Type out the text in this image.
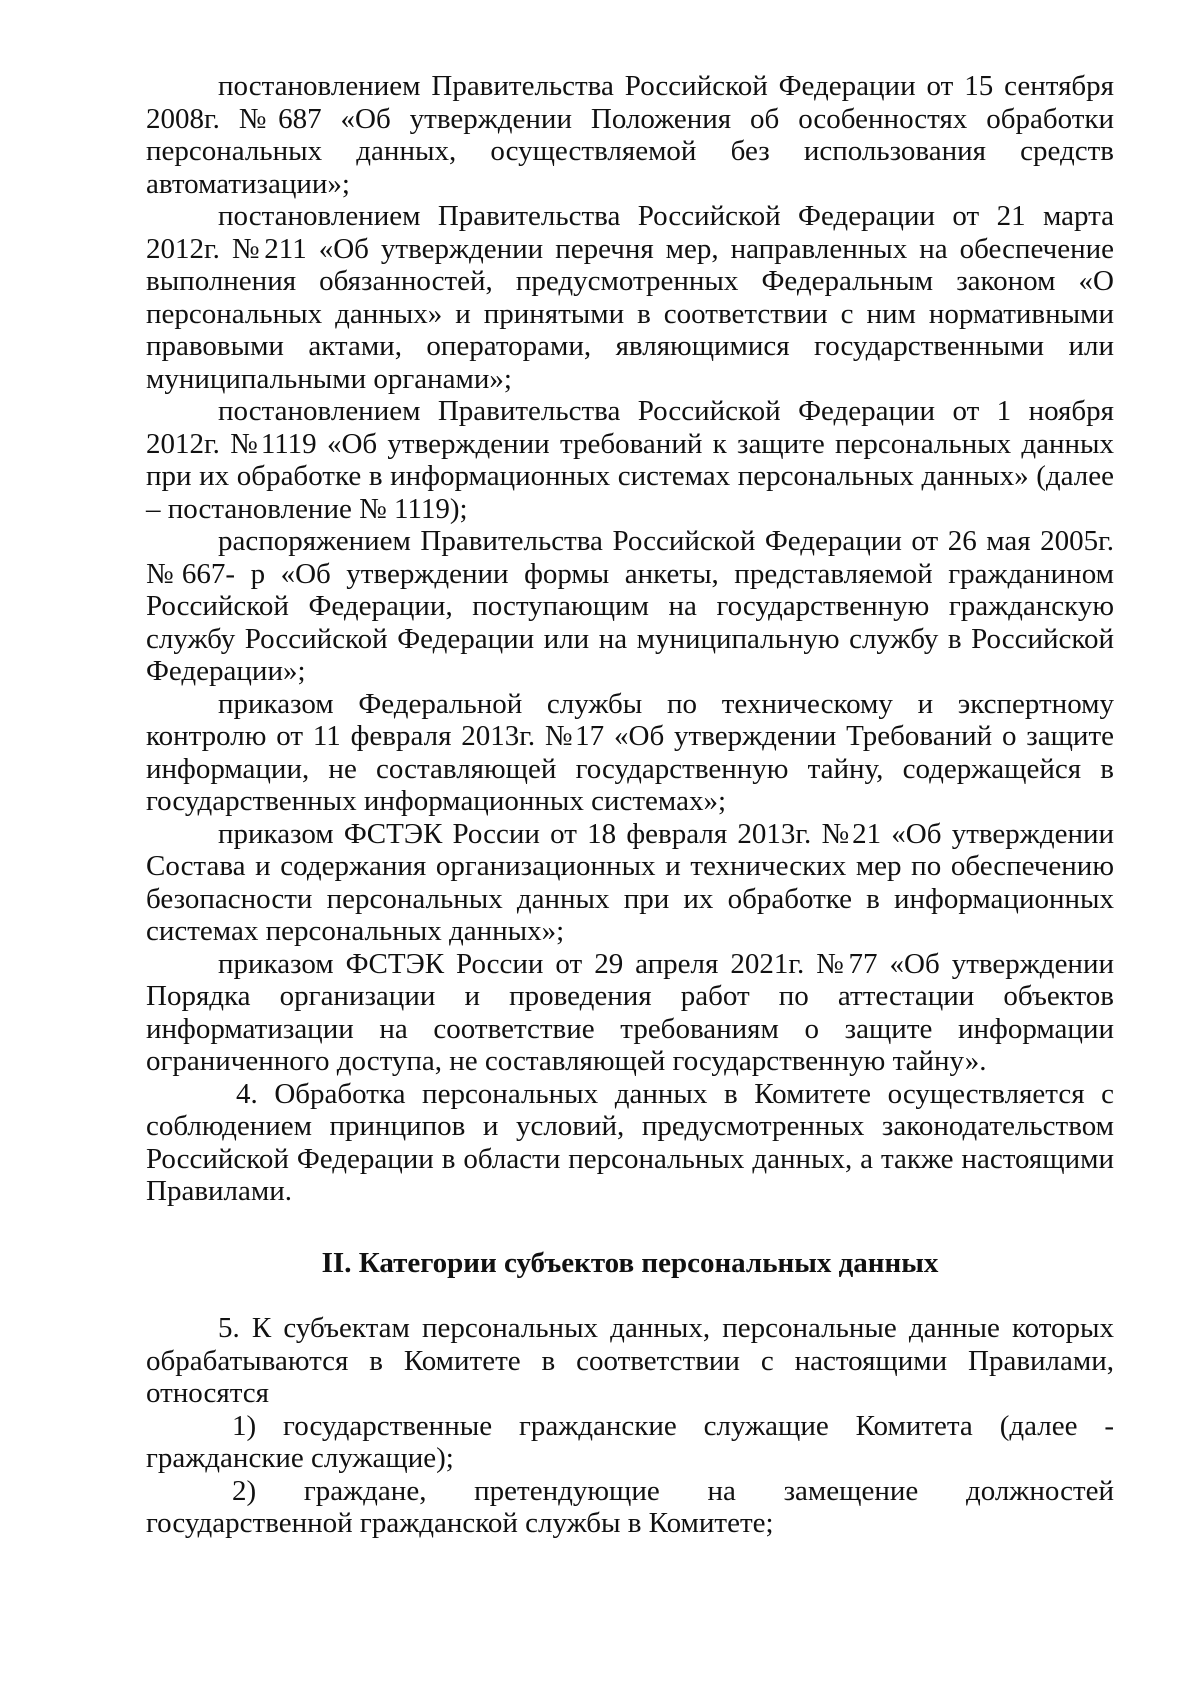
постановлением Правительства Российской Федерации от 15 сентября 2008г. №687 «Об утверждении Положения об особенностях обработки персональных данных, осуществляемой без использования средств автоматизации»;

постановлением Правительства Российской Федерации от 21 марта 2012г. №211 «Об утверждении перечня мер, направленных на обеспечение выполнения обязанностей, предусмотренных Федеральным законом «О персональных данных» и принятыми в соответствии с ним нормативными правовыми актами, операторами, являющимися государственными или муниципальными органами»;

постановлением Правительства Российской Федерации от 1 ноября 2012г. №1119 «Об утверждении требований к защите персональных данных при их обработке в информационных системах персональных данных» (далее – постановление № 1119);

распоряжением Правительства Российской Федерации от 26 мая 2005г. №667- р «Об утверждении формы анкеты, представляемой гражданином Российской Федерации, поступающим на государственную гражданскую службу Российской Федерации или на муниципальную службу в Российской Федерации»;

приказом Федеральной службы по техническому и экспертному контролю от 11 февраля 2013г. №17 «Об утверждении Требований о защите информации, не составляющей государственную тайну, содержащейся в государственных информационных системах»;

приказом ФСТЭК России от 18 февраля 2013г. №21 «Об утверждении Состава и содержания организационных и технических мер по обеспечению безопасности персональных данных при их обработке в информационных системах персональных данных»;

приказом ФСТЭК России от 29 апреля 2021г. №77 «Об утверждении Порядка организации и проведения работ по аттестации объектов информатизации на соответствие требованиям о защите информации ограниченного доступа, не составляющей государственную тайну».

4. Обработка персональных данных в Комитете осуществляется с соблюдением принципов и условий, предусмотренных законодательством Российской Федерации в области персональных данных, а также настоящими Правилами.

II. Категории субъектов персональных данных

5. К субъектам персональных данных, персональные данные которых обрабатываются в Комитете в соответствии с настоящими Правилами, относятся

1) государственные гражданские служащие Комитета (далее - гражданские служащие);

2) граждане, претендующие на замещение должностей государственной гражданской службы в Комитете;
